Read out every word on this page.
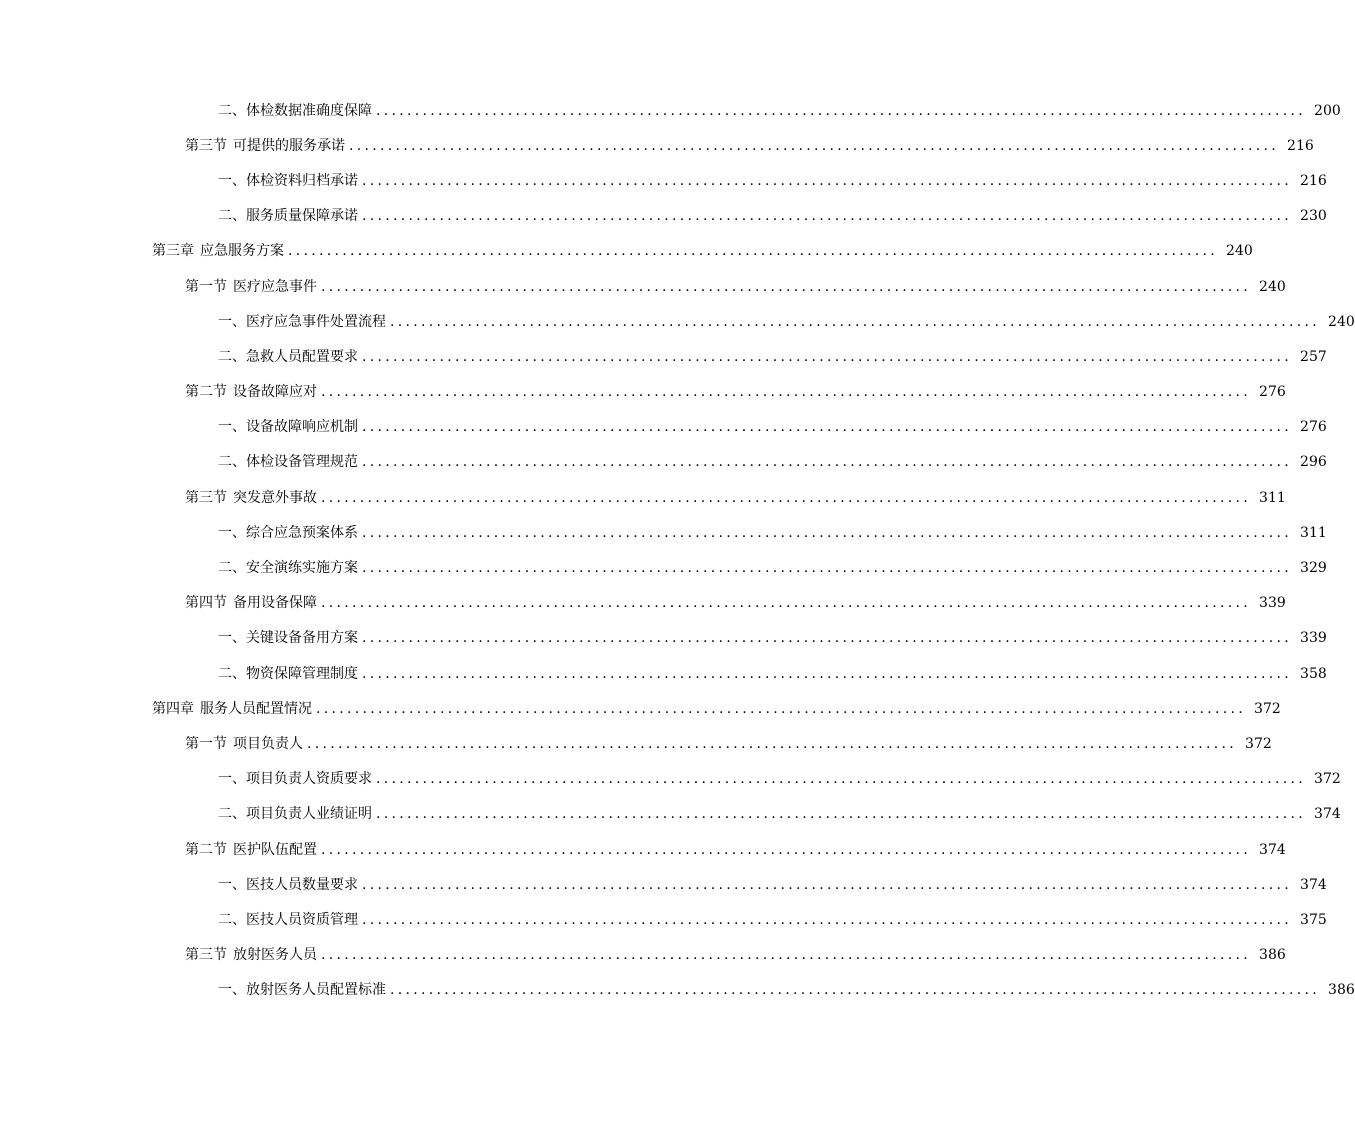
二、 体检数据准确度保障 ........................................................................................................................ 200
第三节 可提供的服务承诺 ........................................................................................................................ 216
一、 体检资料归档承诺 ........................................................................................................................ 216
二、 服务质量保障承诺 ........................................................................................................................ 230
第三章 应急服务方案 ........................................................................................................................ 240
第一节 医疗应急事件 ........................................................................................................................ 240
一、 医疗应急事件处置流程 ........................................................................................................................ 240
二、 急救人员配置要求 ........................................................................................................................ 257
第二节 设备故障应对 ........................................................................................................................ 276
一、 设备故障响应机制 ........................................................................................................................ 276
二、 体检设备管理规范 ........................................................................................................................ 296
第三节 突发意外事故 ........................................................................................................................ 311
一、 综合应急预案体系 ........................................................................................................................ 311
二、 安全演练实施方案 ........................................................................................................................ 329
第四节 备用设备保障 ........................................................................................................................ 339
一、 关键设备备用方案 ........................................................................................................................ 339
二、 物资保障管理制度 ........................................................................................................................ 358
第四章 服务人员配置情况 ........................................................................................................................ 372
第一节 项目负责人 ........................................................................................................................ 372
一、 项目负责人资质要求 ........................................................................................................................ 372
二、 项目负责人业绩证明 ........................................................................................................................ 374
第二节 医护队伍配置 ........................................................................................................................ 374
一、 医技人员数量要求 ........................................................................................................................ 374
二、 医技人员资质管理 ........................................................................................................................ 375
第三节 放射医务人员 ........................................................................................................................ 386
一、 放射医务人员配置标准 ........................................................................................................................ 386
